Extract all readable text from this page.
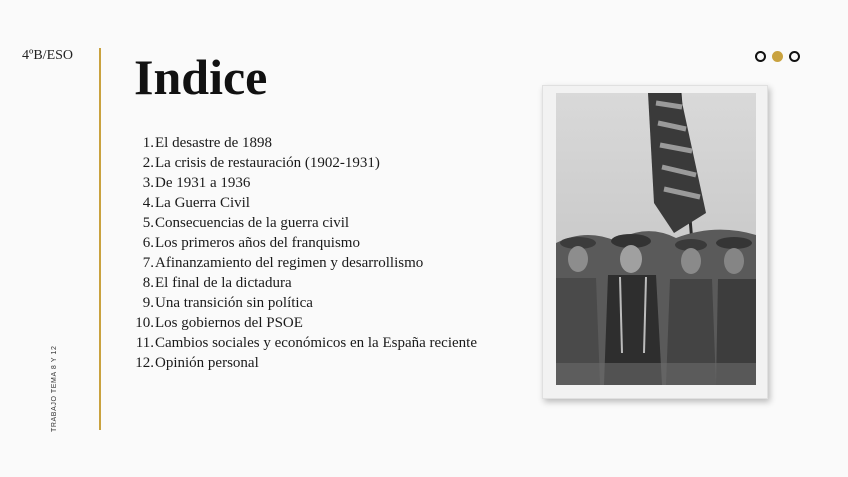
4ºB/ESO
TRABAJO TEMA 8 Y 12
Indice
1. El desastre de 1898
2. La crisis de restauración (1902-1931)
3. De 1931 a 1936
4. La Guerra Civil
5. Consecuencias de la guerra civil
6. Los primeros años del franquismo
7. Afinanzamiento del regimen y desarrollismo
8. El final de la dictadura
9. Una transición sin política
10. Los gobiernos del PSOE
11. Cambios sociales y económicos en la España reciente
12. Opinión personal
